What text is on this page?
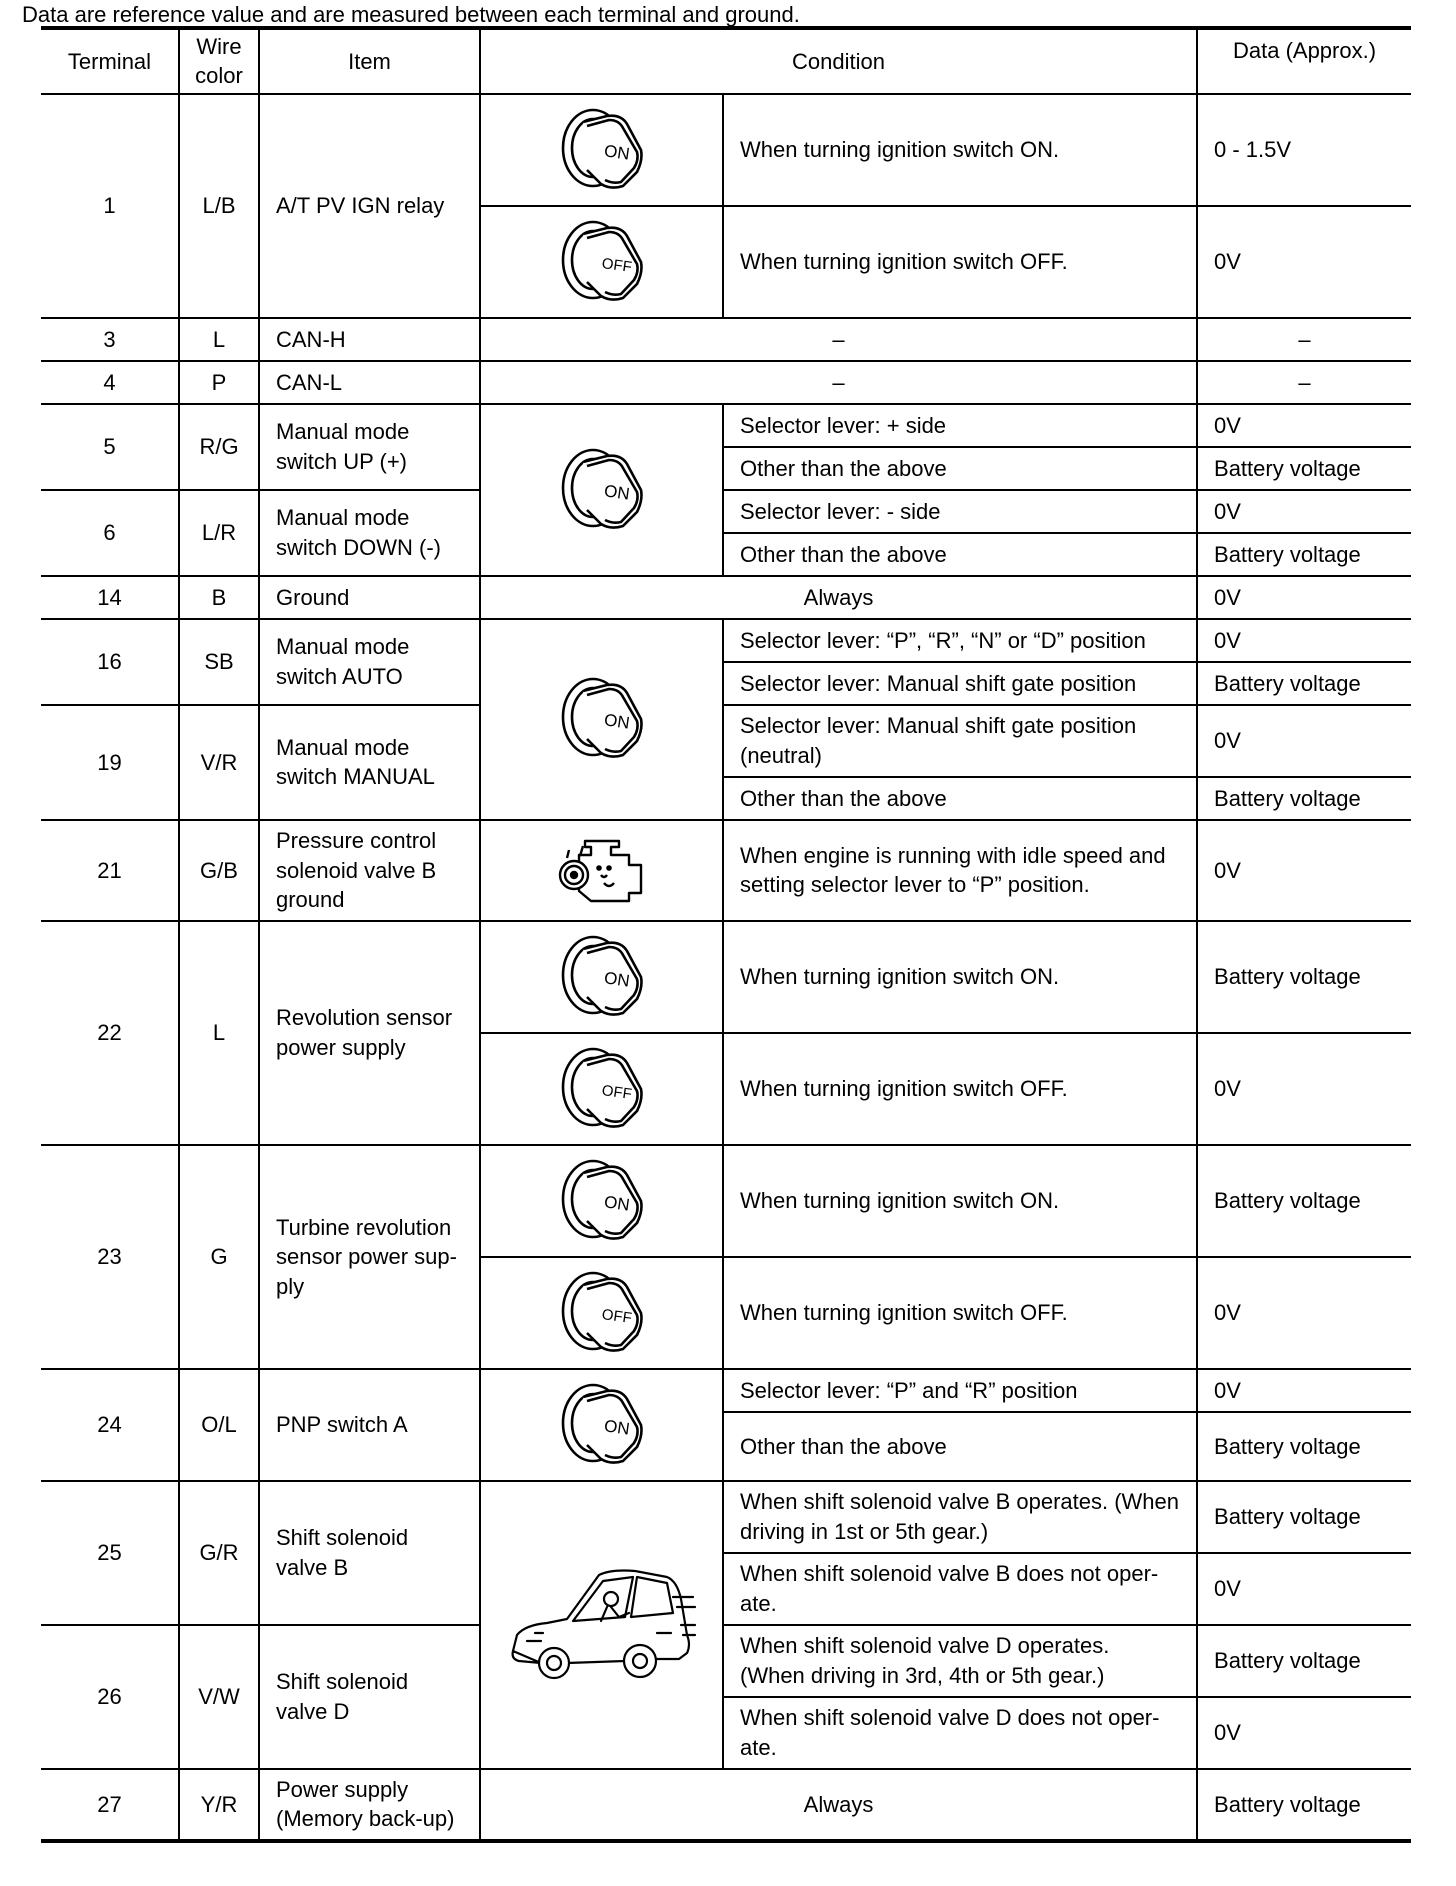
Data are reference value and are measured between each terminal and ground.
Terminal	Wire color	Item	Condition		Data (Approx.)
1	L/B	A/T PV IGN relay	ON	When turning ignition switch ON.	0 - 1.5V

OFF	When turning ignition switch OFF.	0V
3	L	CAN-H	–		–
4	P	CAN-L	–		–
5	R/G	Manual mode switch UP (+)	ON	Selector lever: + side	0V
				Other than the above	Battery voltage
6	L/R	Manual mode switch DOWN (-)		Selector lever: - side	0V
				Other than the above	Battery voltage
14	B	Ground	Always		0V
16	SB	Manual mode switch AUTO	ON	Selector lever: “P”, “R”, “N” or “D” position	0V
				Selector lever: Manual shift gate position	Battery voltage
19	V/R	Manual mode switch MANUAL		Selector lever: Manual shift gate position (neutral)	0V
				Other than the above	Battery voltage
21	G/B	Pressure control solenoid valve B ground		When engine is running with idle speed and setting selector lever to “P” position.	0V
22	L	Revolution sensor power supply	ON	When turning ignition switch ON.	Battery voltage

OFF	When turning ignition switch OFF.	0V
23	G	Turbine revolution sensor power sup-ply	ON	When turning ignition switch ON.	Battery voltage

OFF	When turning ignition switch OFF.	0V
24	O/L	PNP switch A	ON	Selector lever: “P” and “R” position	0V
				Other than the above	Battery voltage
25	G/R	Shift solenoid valve B		When shift solenoid valve B operates. (When driving in 1st or 5th gear.)	Battery voltage
				When shift solenoid valve B does not oper-ate.	0V
26	V/W	Shift solenoid valve D		When shift solenoid valve D operates. (When driving in 3rd, 4th or 5th gear.)	Battery voltage
				When shift solenoid valve D does not oper-ate.	0V
27	Y/R	Power supply (Memory back-up)	Always		Battery voltage
